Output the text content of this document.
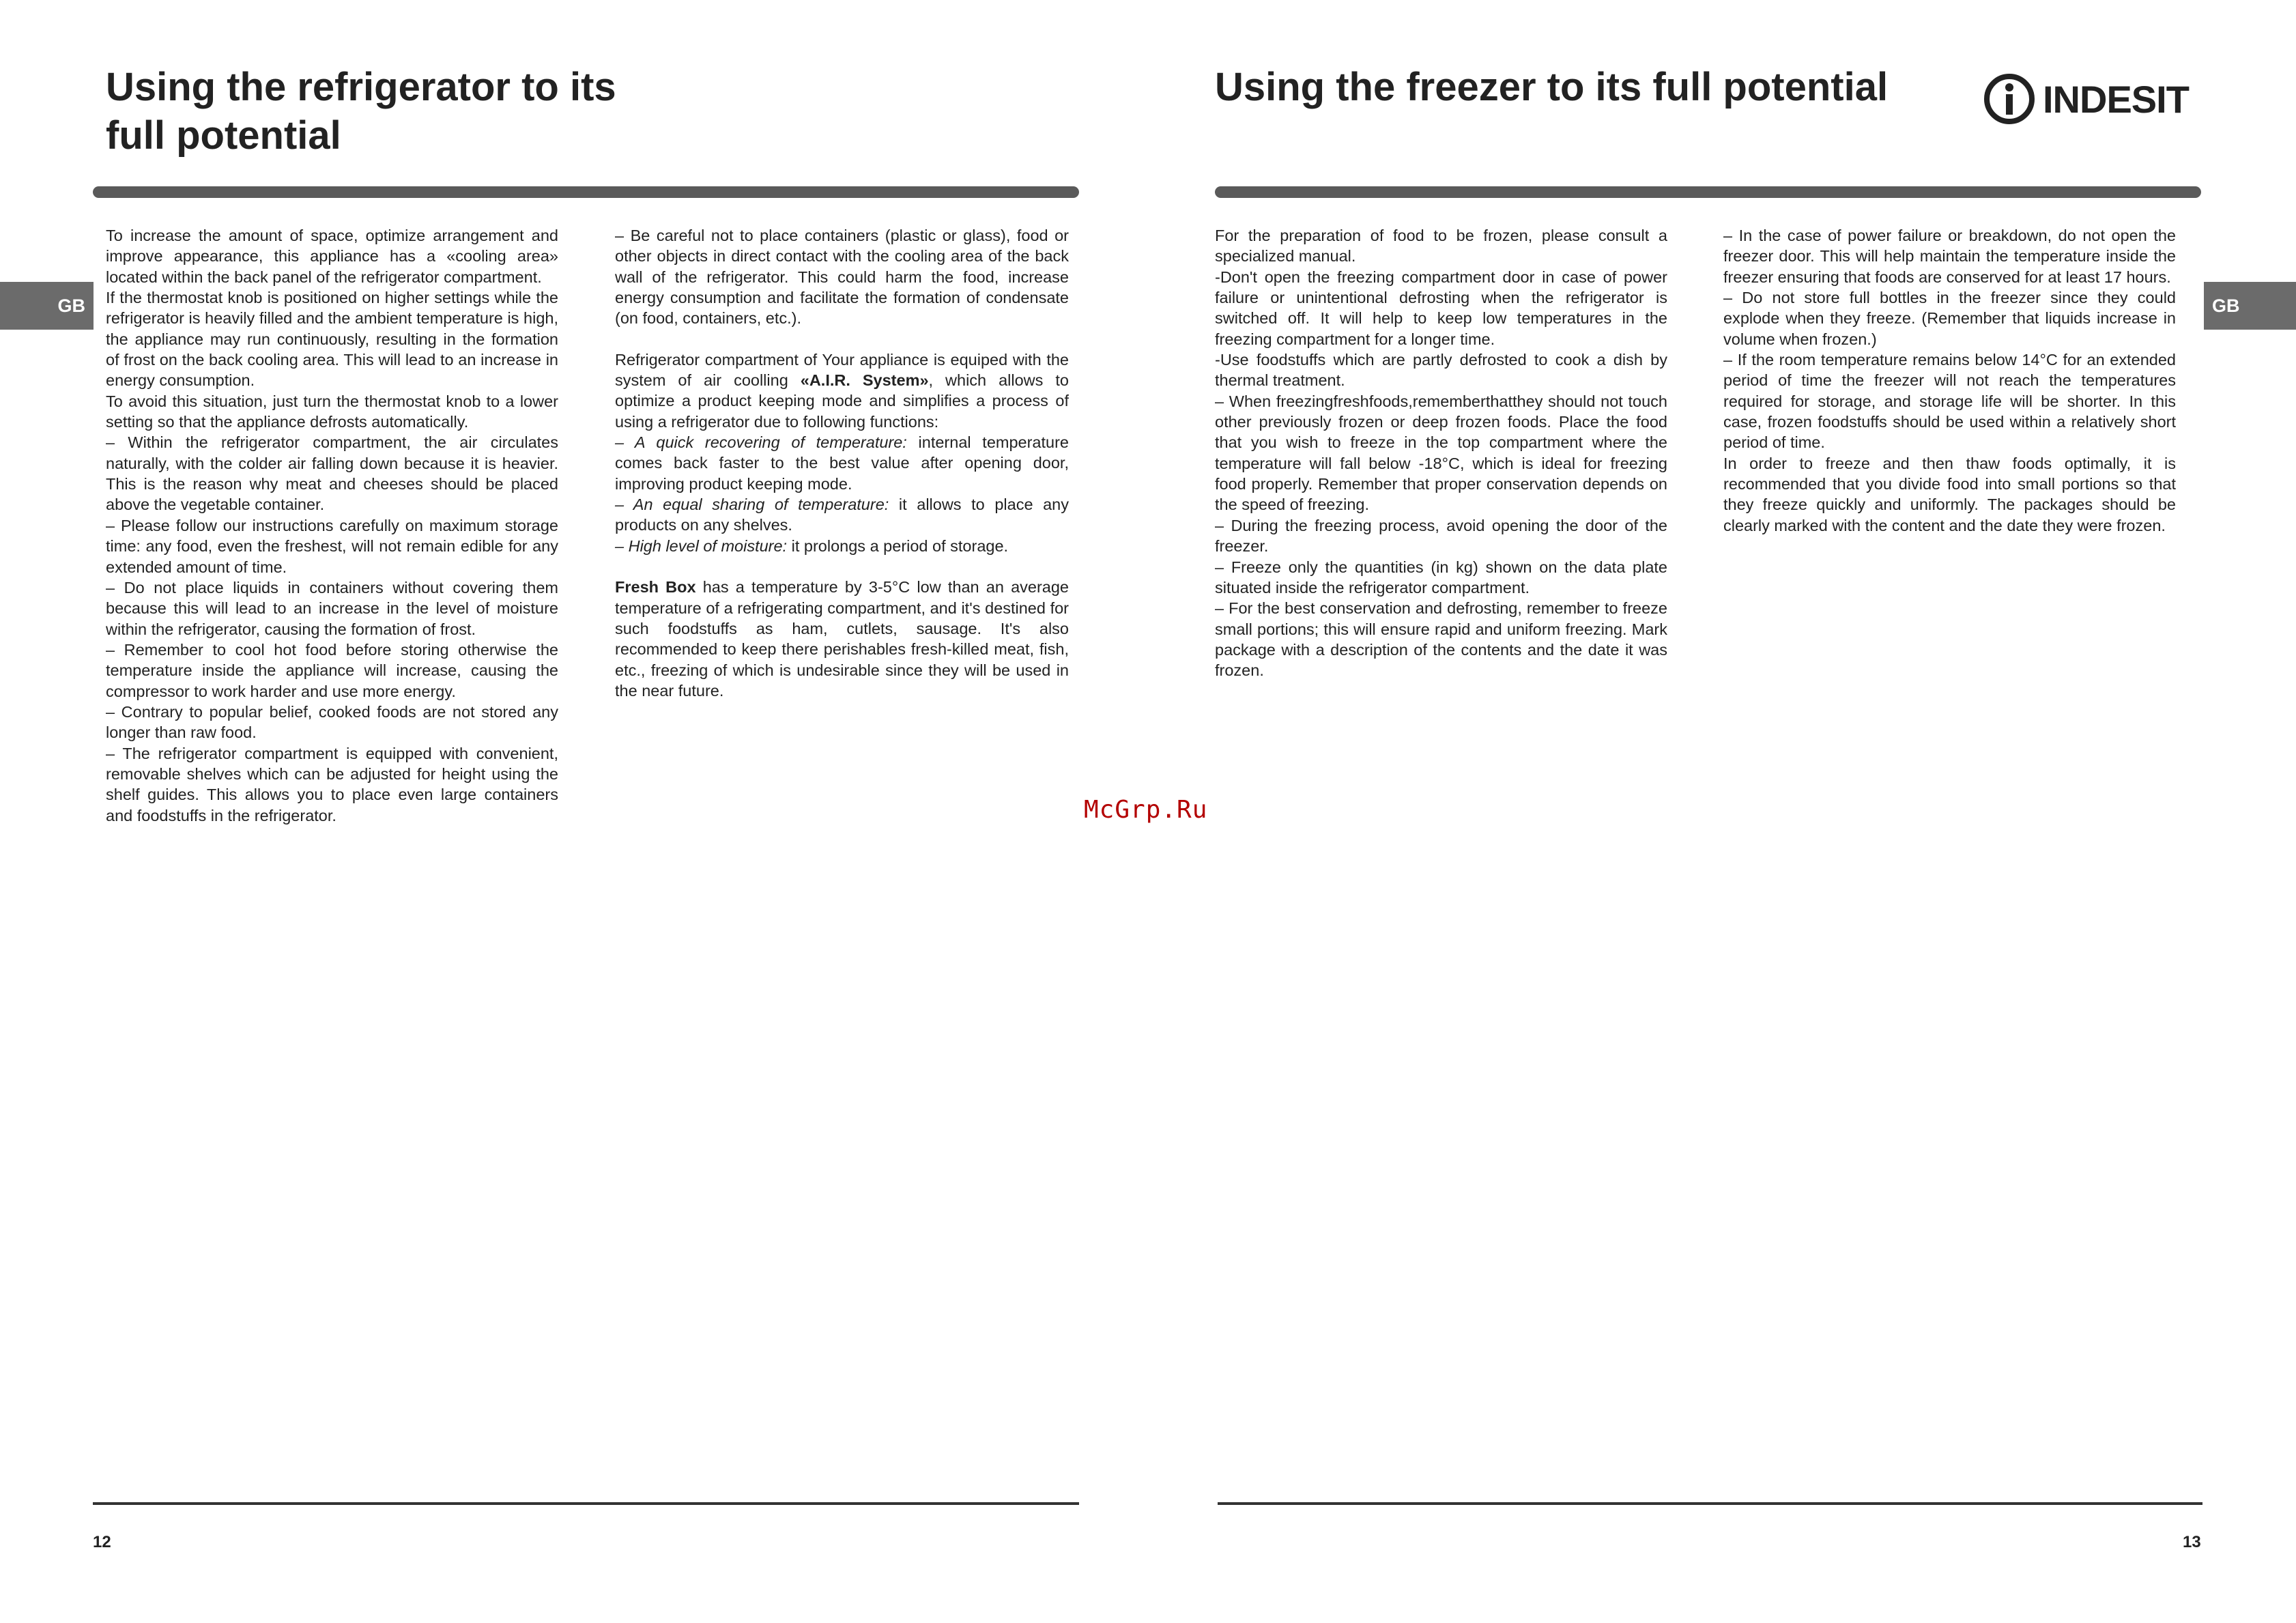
Using the refrigerator to its
full potential
GB

To increase the amount of space, optimize arrangement and improve appearance, this appliance has a «cooling area» located within the back panel of the refrigerator compartment.

If the thermostat knob is positioned on higher settings while the refrigerator is heavily filled and the ambient temperature is high, the appliance may run continuously, resulting in the formation of frost on the back cooling area. This will lead to an increase in energy consumption.

To avoid this situation, just turn the thermostat knob to a lower setting so that the appliance defrosts automatically.

– Within the refrigerator compartment, the air circulates naturally, with the colder air falling down because it is heavier. This is the reason why meat and cheeses should be placed above the vegetable container.

– Please follow our instructions carefully on maximum storage time: any food, even the freshest, will not remain edible for any extended amount of time.

– Do not place liquids in containers without covering them because this will lead to an increase in the level of moisture within the refrigerator, causing the formation of frost.

– Remember to cool hot food before storing otherwise the temperature inside the appliance will increase, causing the compressor to work harder and use more energy.

– Contrary to popular belief, cooked foods are not stored any longer than raw food.

– The refrigerator compartment is equipped with convenient, removable shelves which can be adjusted for height using the shelf guides. This allows you to place even large containers and foodstuffs in the refrigerator.

– Be careful not to place containers (plastic or glass), food or other objects in direct contact with the cooling area of the back wall of the refrigerator. This could harm the food, increase energy consumption and facilitate the formation of condensate (on food, containers, etc.).

Refrigerator compartment of Your appliance is equiped with the system of air coolling «A.I.R. System», which allows to optimize a product keeping mode and simplifies a process of using a refrigerator due to following functions:

– A quick recovering of temperature: internal temperature comes back faster to the best value after opening door, improving product keeping mode.

– An equal sharing of temperature: it allows to place any products on any shelves.

– High level of moisture: it prolongs a period of storage.

Fresh Box has a temperature by 3-5°C low than an average temperature of a refrigerating compartment, and it's destined for such foodstuffs as ham, cutlets, sausage. It's also recommended to keep there perishables fresh-killed meat, fish, etc., freezing of which is undesirable since they will be used in the near future.

12
McGrp.Ru
Using the freezer to its full potential	INDESIT
GB

For the preparation of food to be frozen, please consult a specialized manual.

-Don't open the freezing compartment door in case of power failure or unintentional defrosting when the refrigerator is switched off. It will help to keep low temperatures in the freezing compartment for a longer time.

-Use foodstuffs which are partly defrosted to cook a dish by thermal treatment.

– When freezingfreshfoods,rememberthatthey should not touch other previously frozen or deep frozen foods. Place the food that you wish to freeze in the top compartment where the temperature will fall below -18°C, which is ideal for freezing food properly. Remember that proper conservation depends on the speed of freezing.

– During the freezing process, avoid opening the door of the freezer.

– Freeze only the quantities (in kg) shown on the data plate situated inside the refrigerator compartment.

– For the best conservation and defrosting, remember to freeze small portions; this will ensure rapid and uniform freezing. Mark package with a description of the contents and the date it was frozen.

– In the case of power failure or breakdown, do not open the freezer door. This will help maintain the temperature inside the freezer ensuring that foods are conserved for at least 17 hours.

– Do not store full bottles in the freezer since they could explode when they freeze. (Remember that liquids increase in volume when frozen.)

– If the room temperature remains below 14°C for an extended period of time the freezer will not reach the temperatures required for storage, and storage life will be shorter. In this case, frozen foodstuffs should be used within a relatively short period of time.

In order to freeze and then thaw foods optimally, it is recommended that you divide food into small portions so that they freeze quickly and uniformly. The packages should be clearly marked with the content and the date they were frozen.

13
